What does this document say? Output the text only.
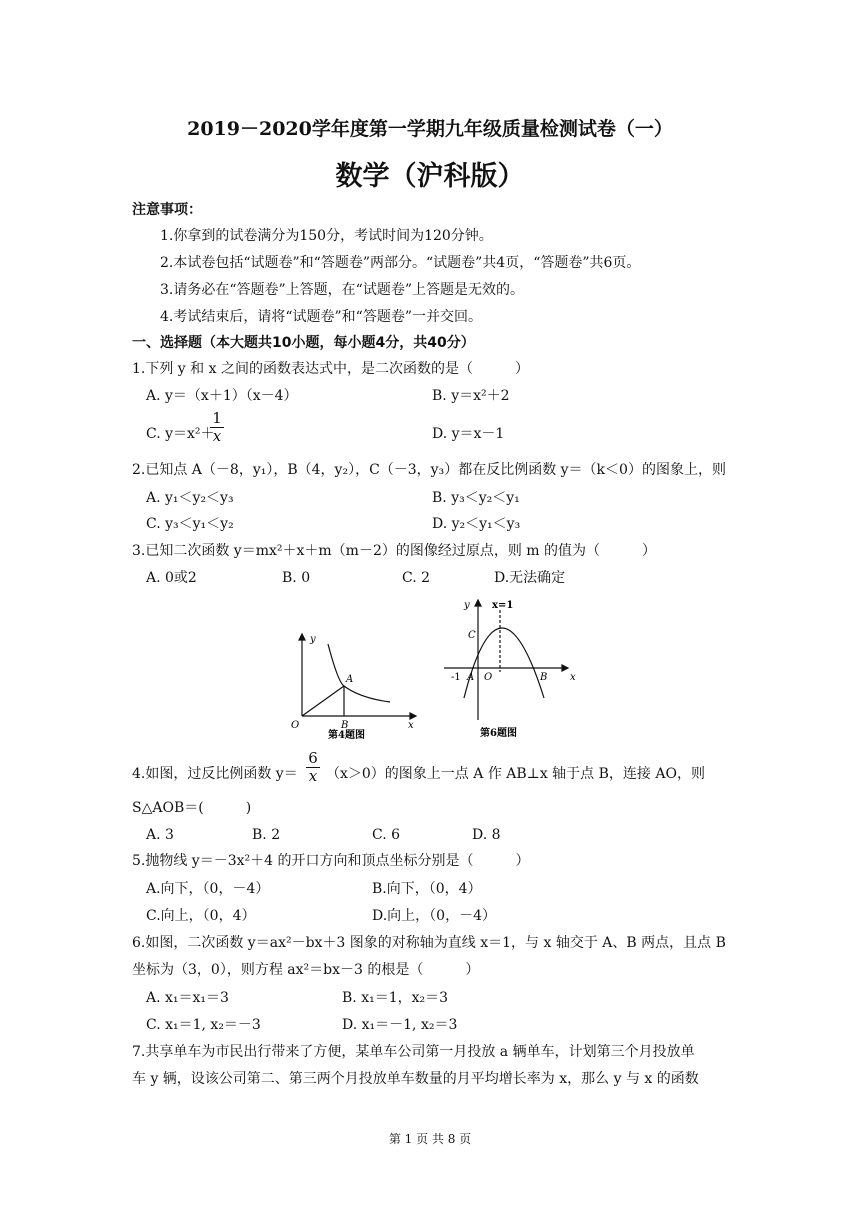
2019－2020学年度第一学期九年级质量检测试卷（一）
数学（沪科版）
注意事项：
1.你拿到的试卷满分为150分，考试时间为120分钟。
2.本试卷包括“试题卷”和“答题卷”两部分。“试题卷”共4页，“答题卷”共6页。
3.请务必在“答题卷”上答题，在“试题卷”上答题是无效的。
4.考试结束后，请将“试题卷”和“答题卷”一并交回。
一、选择题（本大题共10小题，每小题4分，共40分）
1.下列 y 和 x 之间的函数表达式中，是二次函数的是（　　　）
A. y＝（x＋1）（x－4）	B. y＝x²＋2
C. y＝x²＋
$\frac{1}{x}$	D. y＝x－1
2.已知点 A（－8，y₁），B（4，y₂），C（－3，y₃）都在反比例函数 y＝（k＜0）的图象上，则
A. y₁＜y₂＜y₃	B. y₃＜y₂＜y₁
C. y₃＜y₁＜y₂	D. y₂＜y₁＜y₃
3.已知二次函数 y＝mx²＋x＋m（m－2）的图像经过原点，则 m 的值为（　　　）
A. 0或2	B. 0	C. 2	D.无法确定
y
x
O
A
B
第4题图
y x=1
x
C
-1 A O	B
第6题图
4.如图，过反比例函数 $y= \frac{6}{x} (x>0)$的图象上一点 A 作 AB⊥x 轴于点 B，连接 AO，则
S△AOB＝(　　　)
A. 3	B. 2	C. 6	D. 8
5.抛物线 y＝－3x²＋4 的开口方向和顶点坐标分别是（　　　）
A.向下，（0，－4）	B.向下，（0，4）
C.向上，（0，4）	D.向上，（0，－4）
6.如图，二次函数 y＝ax²－bx＋3 图象的对称轴为直线 x＝1，与 x 轴交于 A、B 两点，且点 B
坐标为（3，0），则方程 ax²＝bx－3 的根是（　　　）
A. x₁＝x₁＝3	B. x₁＝1，x₂＝3
C. x₁＝1, x₂＝－3	D. x₁＝－1, x₂＝3
7.共享单车为市民出行带来了方便，某单车公司第一月投放 a 辆单车，计划第三个月投放单
车 y 辆，设该公司第二、第三两个月投放单车数量的月平均增长率为 x，那么 y 与 x 的函数
第 1 页 共 8 页
